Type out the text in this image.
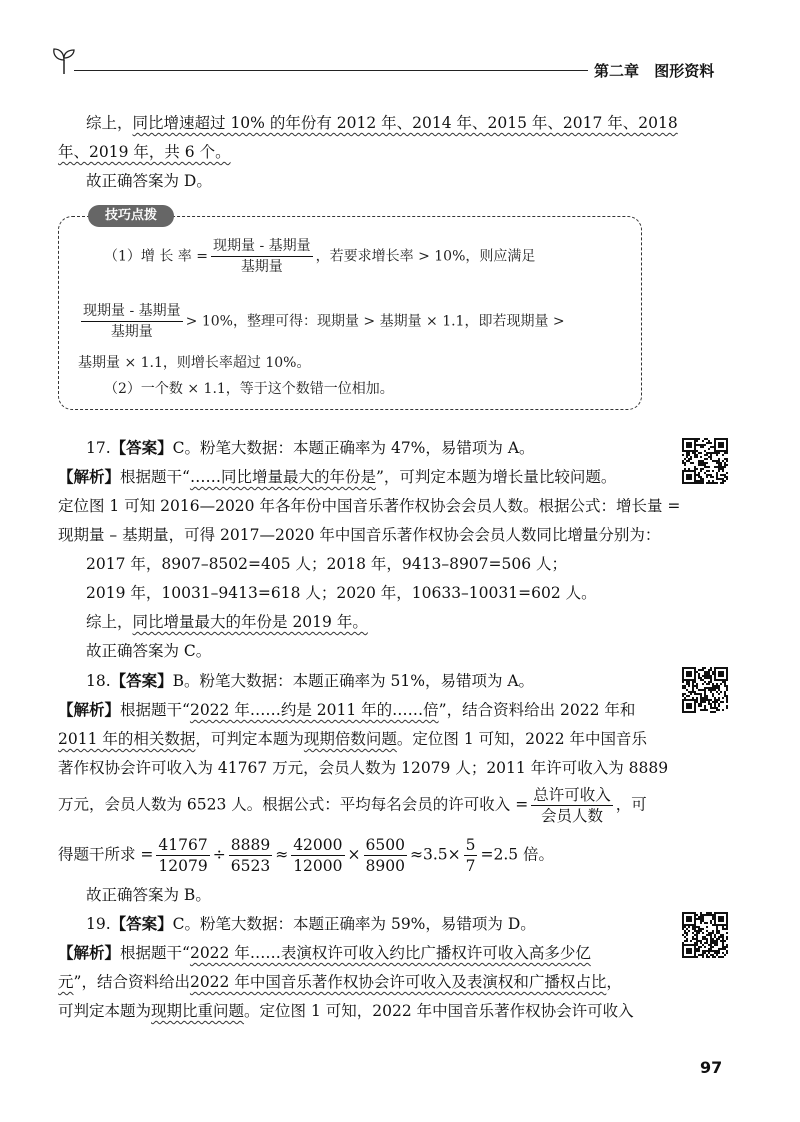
第二章 图形资料
综上，同比增速超过 10% 的年份有 2012 年、2014 年、2015 年、2017 年、2018
年、2019 年，共 6 个。
故正确答案为 D。
技巧点拨
（1）增 长 率 = $\frac{\text{现期量 - 基期量}}{\text{基期量}}$ ，若要求增长率 > 10%，则应满足
$\frac{\text{现期量 - 基期量}}{\text{基期量}} > 10\%$，整理可得：现期量 > 基期量 × 1.1，即若现期量 >
基期量 × 1.1，则增长率超过 10%。
（2）一个数 × 1.1，等于这个数错一位相加。
17.【答案】C。粉笔大数据：本题正确率为 47%，易错项为 A。
【解析】根据题干“……同比增量最大的年份是”，可判定本题为增长量比较问题。
定位图 1 可知 2016—2020 年各年份中国音乐著作权协会会员人数。根据公式：增长量 =
现期量 – 基期量，可得 2017—2020 年中国音乐著作权协会会员人数同比增量分别为：
2017 年，8907–8502=405 人；2018 年，9413–8907=506 人；
2019 年，10031–9413=618 人；2020 年，10633–10031=602 人。
综上，同比增量最大的年份是 2019 年。
故正确答案为 C。
18.【答案】B。粉笔大数据：本题正确率为 51%，易错项为 A。
【解析】根据题干“2022 年……约是 2011 年的……倍”，结合资料给出 2022 年和
2011 年的相关数据，可判定本题为现期倍数问题。定位图 1 可知，2022 年中国音乐
著作权协会许可收入为 41767 万元，会员人数为 12079 人；2011 年许可收入为 8889
万元，会员人数为 6523 人。根据公式：平均每名会员的许可收入 = $\frac{\text{总许可收入}}{\text{会员人数}}$ ，可
得题干所求 = $\frac{41767}{12079} \div \frac{8889}{6523} \approx \frac{42000}{12000} \times \frac{6500}{8900} \approx 3.5\times \frac{5}{7} =2.5$ 倍。
故正确答案为 B。
19.【答案】C。粉笔大数据：本题正确率为 59%，易错项为 D。
【解析】根据题干“2022 年……表演权许可收入约比广播权许可收入高多少亿
元”，结合资料给出2022 年中国音乐著作权协会许可收入及表演权和广播权占比，
可判定本题为现期比重问题。定位图 1 可知，2022 年中国音乐著作权协会许可收入
97
